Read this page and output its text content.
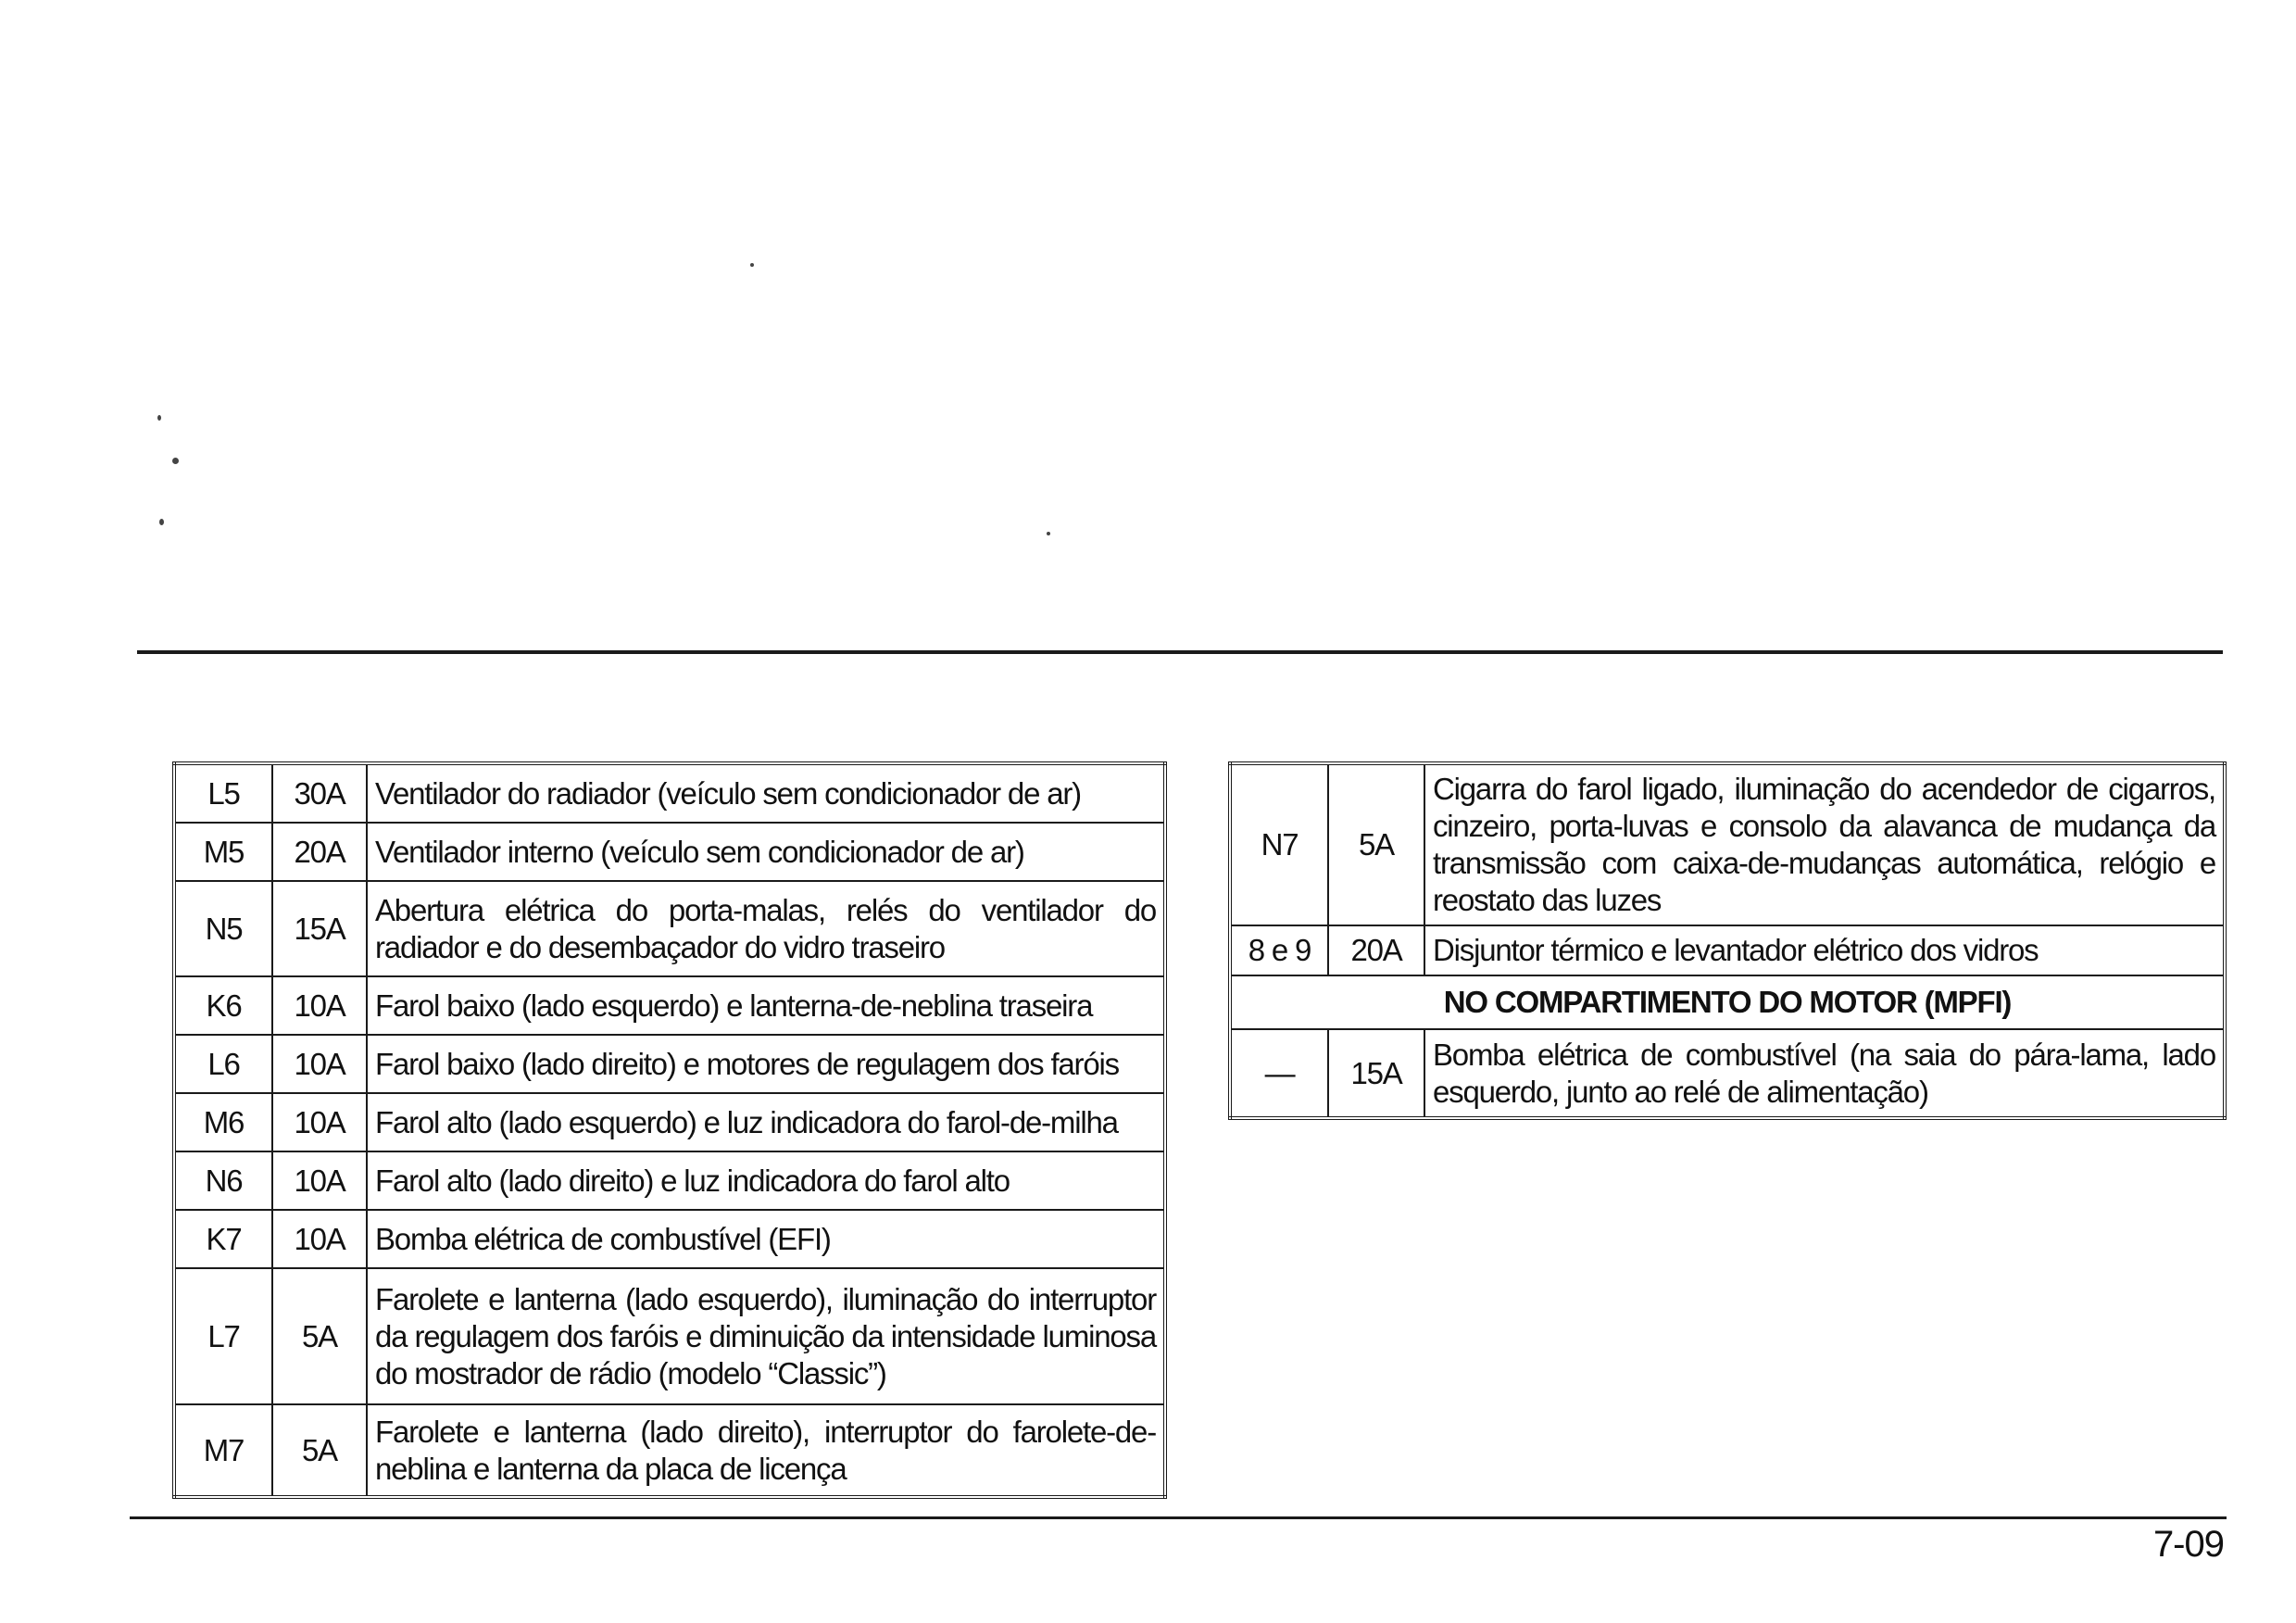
L5	30A	Ventilador do radiador (veículo sem condicionador de ar)
M5	20A	Ventilador interno (veículo sem condicionador de ar)
N5	15A	Abertura elétrica do porta-malas, relés do ventilador do radiador e do desembaçador do vidro traseiro
K6	10A	Farol baixo (lado esquerdo) e lanterna-de-neblina traseira
L6	10A	Farol baixo (lado direito) e motores de regulagem dos faróis
M6	10A	Farol alto (lado esquerdo) e luz indicadora do farol-de-milha
N6	10A	Farol alto (lado direito) e luz indicadora do farol alto
K7	10A	Bomba elétrica de combustível (EFI)
L7	5A	Farolete e lanterna (lado esquerdo), iluminação do interruptor da regulagem dos faróis e diminuição da intensidade luminosa do mostrador de rádio (modelo “Classic”)
M7	5A	Farolete e lanterna (lado direito), interruptor do farolete-de-neblina e lanterna da placa de licença
N7	5A	Cigarra do farol ligado, iluminação do acendedor de cigarros, cinzeiro, porta-luvas e consolo da alavanca de mudança da transmissão com caixa-de-mudanças automática, relógio e reostato das luzes
8 e 9	20A	Disjuntor térmico e levantador elétrico dos vidros
NO COMPARTIMENTO DO MOTOR (MPFI)		
—	15A	Bomba elétrica de combustível (na saia do pára-lama, lado esquerdo, junto ao relé de alimentação)
7-09
